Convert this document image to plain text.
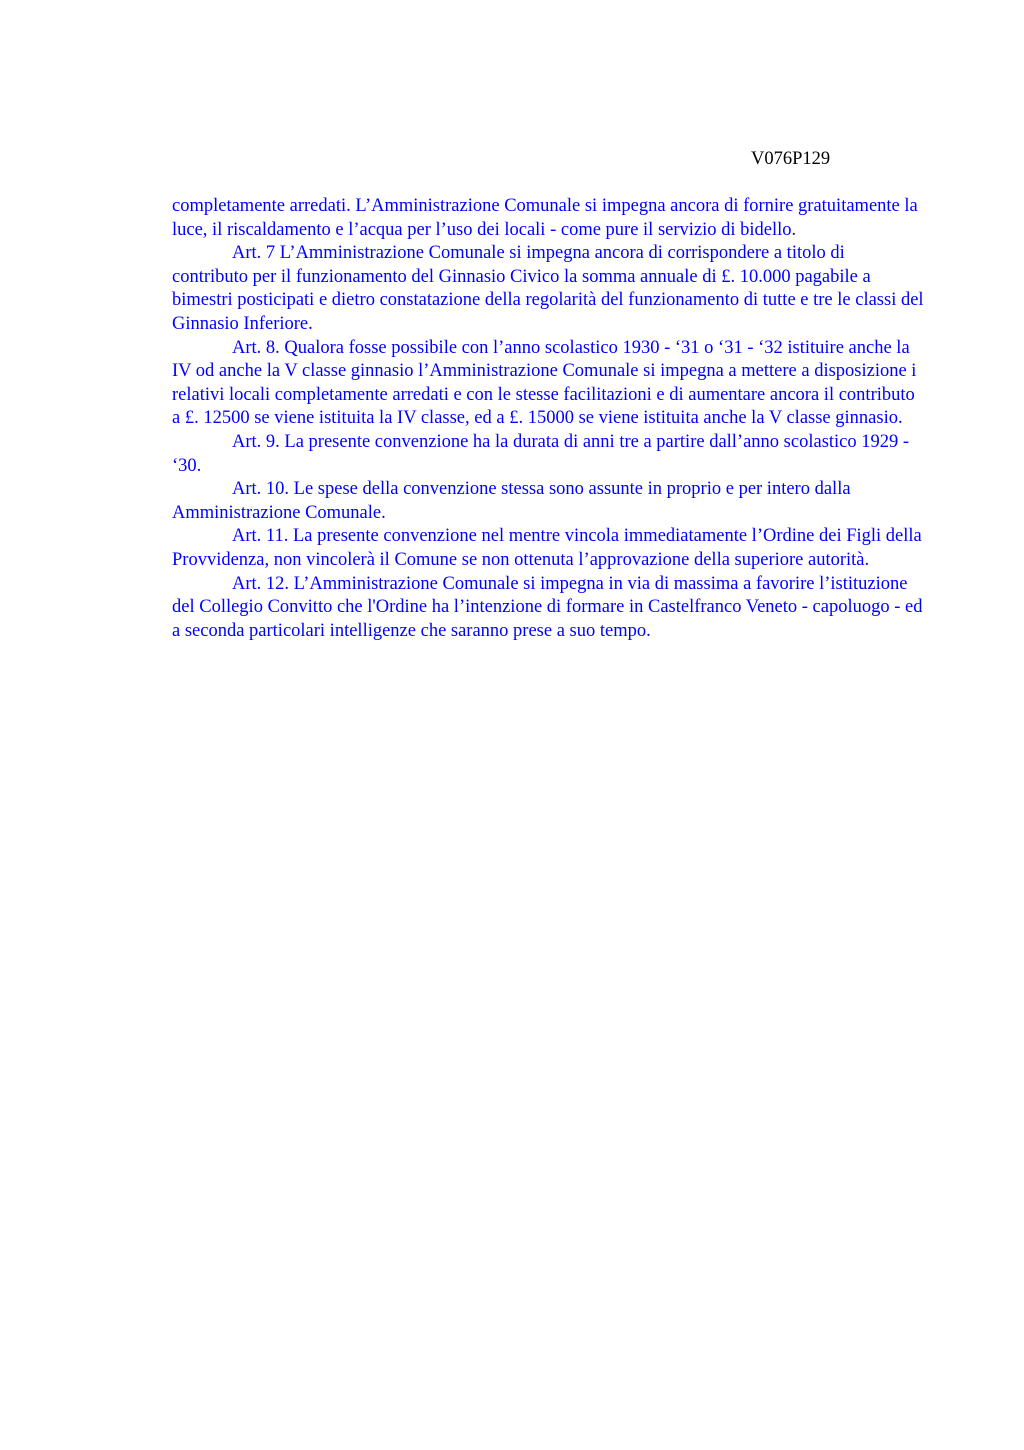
V076P129

completamente arredati. L’Amministrazione Comunale si impegna ancora di fornire gratuitamente la luce, il riscaldamento e l’acqua per l’uso dei locali - come pure il servizio di bidello.

Art. 7 L’Amministrazione Comunale si impegna ancora di corrispondere a titolo di contributo per il funzionamento del Ginnasio Civico la somma annuale di £. 10.000 pagabile a bimestri posticipati e dietro constatazione della regolarità del funzionamento di tutte e tre le classi del Ginnasio Inferiore.

Art. 8. Qualora fosse possibile con l’anno scolastico 1930 - ‘31 o ‘31 - ‘32 istituire anche la IV od anche la V classe ginnasio l’Amministrazione Comunale si impegna a mettere a disposizione i relativi locali completamente arredati e con le stesse facilitazioni e di aumentare ancora il contributo a £. 12500 se viene istituita la IV classe, ed a £. 15000 se viene istituita anche la V classe ginnasio.

Art. 9. La presente convenzione ha la durata di anni tre a partire dall’anno scolastico 1929 - ‘30.

Art. 10. Le spese della convenzione stessa sono assunte in proprio e per intero dalla Amministrazione Comunale.

Art. 11. La presente convenzione nel mentre vincola immediatamente l’Ordine dei Figli della Provvidenza, non vincolerà il Comune se non ottenuta l’approvazione della superiore autorità.

Art. 12. L’Amministrazione Comunale si impegna in via di massima a favorire l’istituzione del Collegio Convitto che l'Ordine ha l’intenzione di formare in Castelfranco Veneto - capoluogo - ed a seconda particolari intelligenze che saranno prese a suo tempo.
